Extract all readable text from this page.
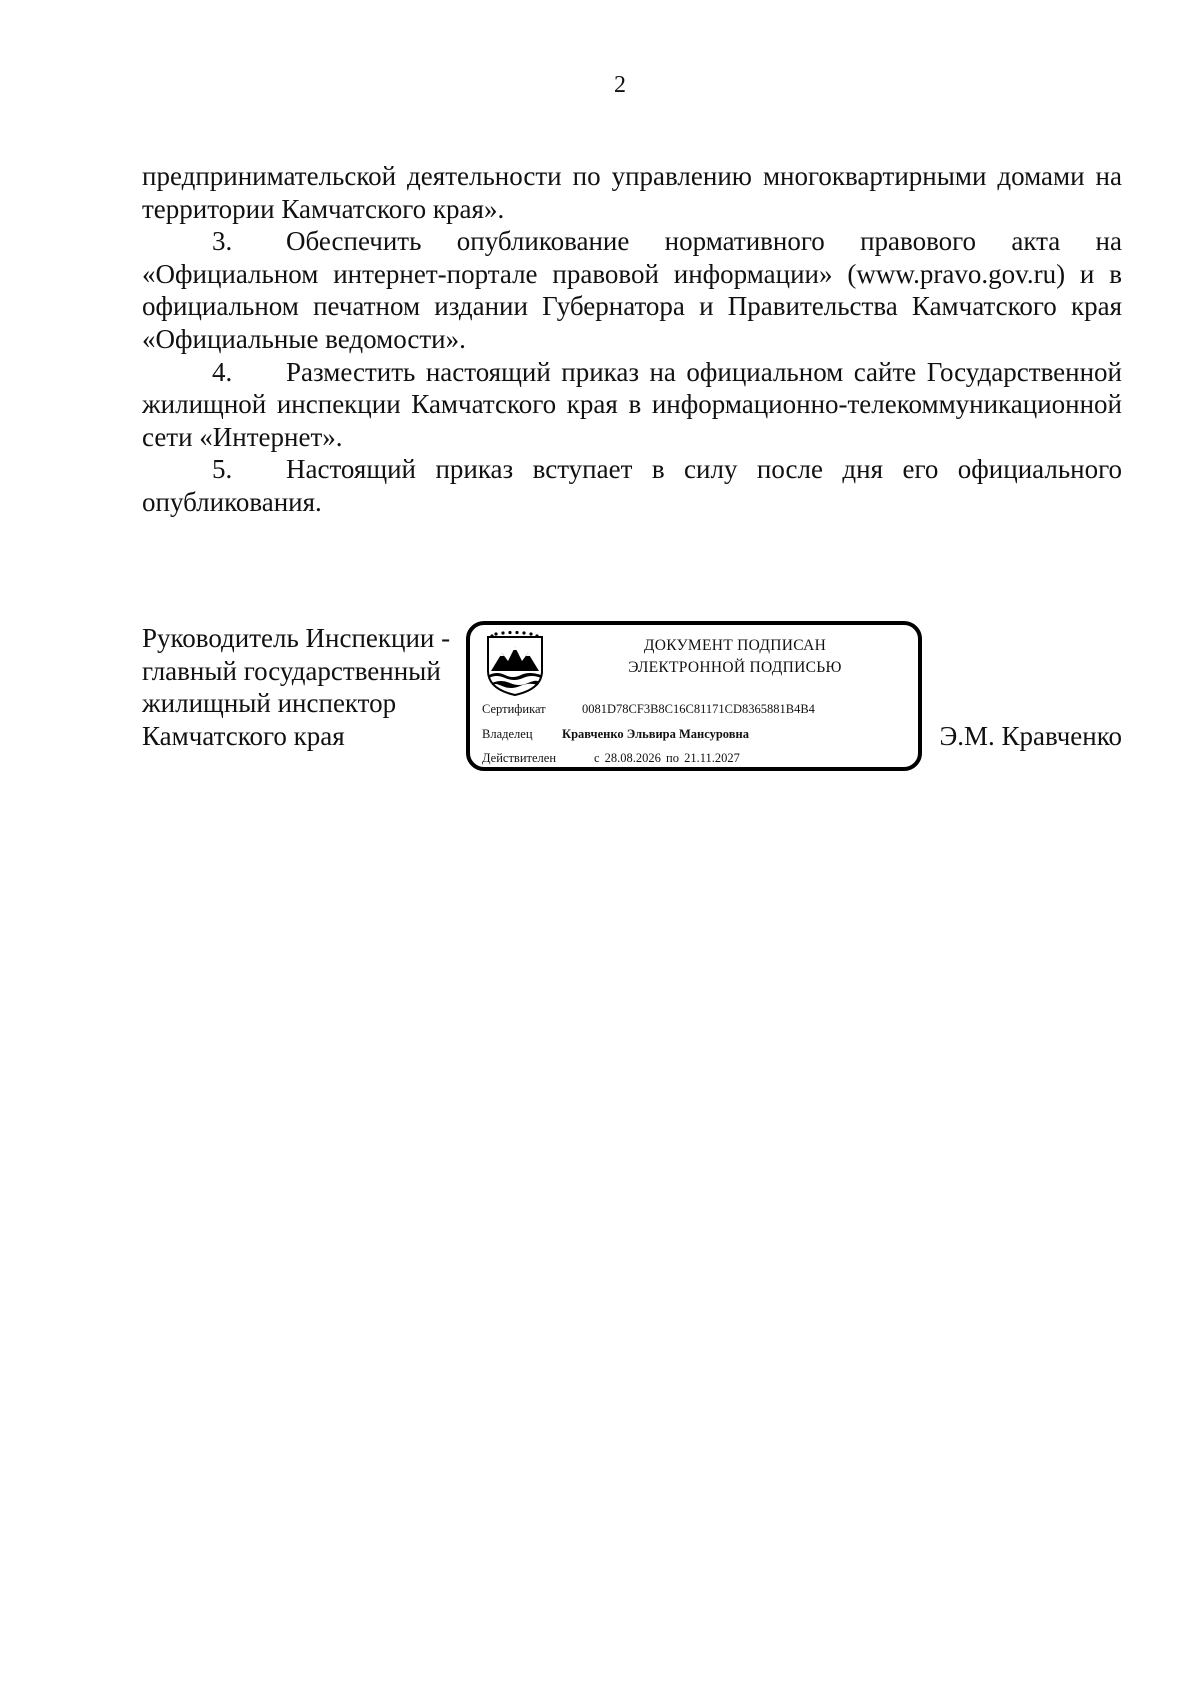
2

предпринимательской деятельности по управлению многоквартирными домами на территории Камчатского края».

3. Обеспечить опубликование нормативного правового акта на «Официальном интернет-портале правовой информации» (www.pravo.gov.ru) и в официальном печатном издании Губернатора и Правительства Камчатского края «Официальные ведомости».

4. Разместить настоящий приказ на официальном сайте Государственной жилищной инспекции Камчатского края в информационно-телекоммуникационной сети «Интернет».

5. Настоящий приказ вступает в силу после дня его официального опубликования.

Руководитель Инспекции -
главный государственный
жилищный инспектор
Камчатского края
ДОКУМЕНТ ПОДПИСАН
ЭЛЕКТРОННОЙ ПОДПИСЬЮ
Сертификат	0081D78CF3B8C16C81171CD8365881B4B4
Владелец Кравченко Эльвира Мансуровна
Действителен	с 28.08.2026 по 21.11.2027
Э.М. Кравченко
